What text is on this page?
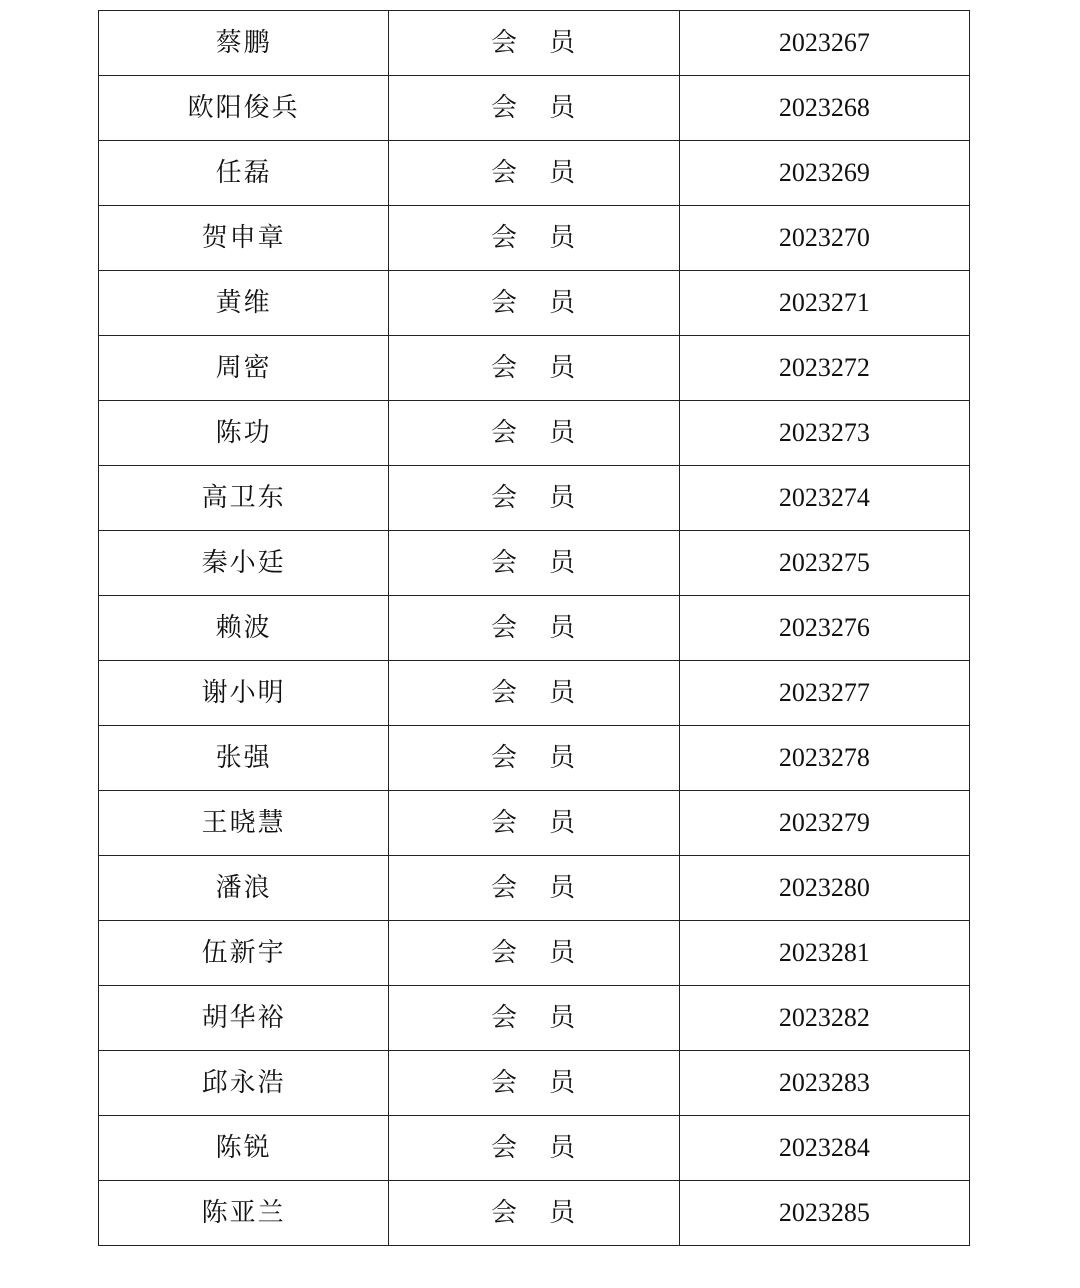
蔡鹏	会 员	2023267
欧阳俊兵	会 员	2023268
任磊	会 员	2023269
贺申章	会 员	2023270
黄维	会 员	2023271
周密	会 员	2023272
陈功	会 员	2023273
高卫东	会 员	2023274
秦小廷	会 员	2023275
赖波	会 员	2023276
谢小明	会 员	2023277
张强	会 员	2023278
王晓慧	会 员	2023279
潘浪	会 员	2023280
伍新宇	会 员	2023281
胡华裕	会 员	2023282
邱永浩	会 员	2023283
陈锐	会 员	2023284
陈亚兰	会 员	2023285
